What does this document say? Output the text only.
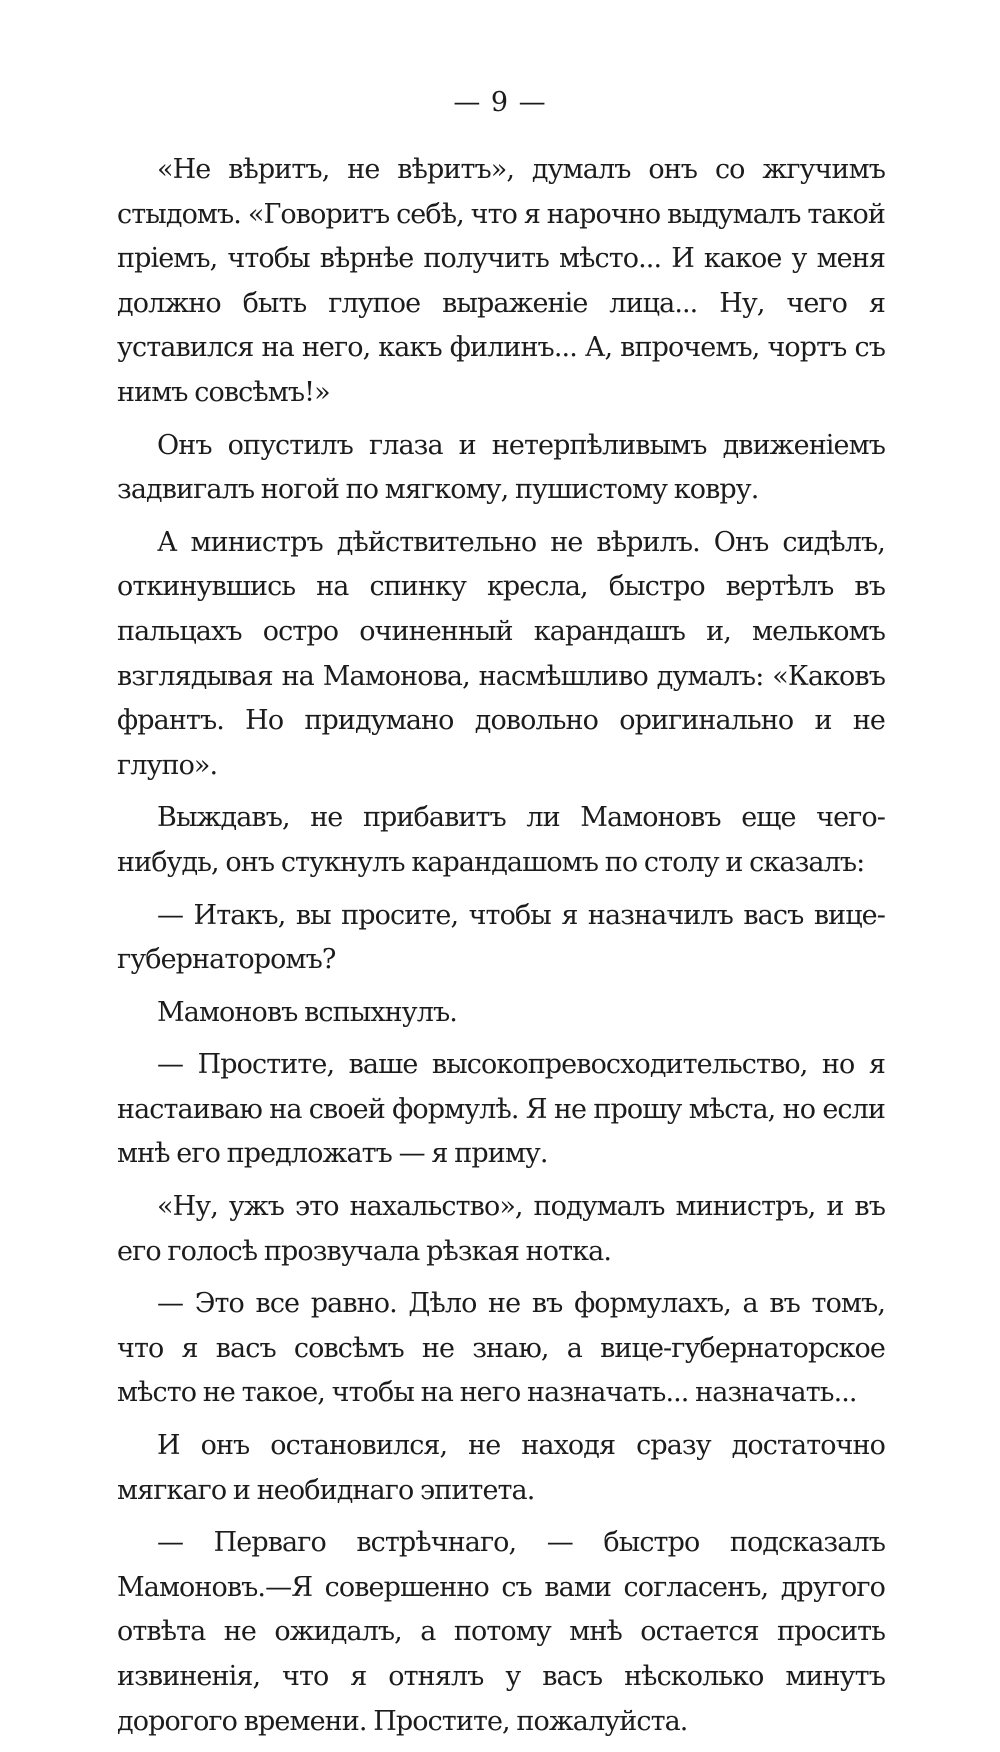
— 9 —

«Не вѣритъ, не вѣритъ», думалъ онъ со жгучимъ стыдомъ. «Говоритъ себѣ, что я нарочно выдумалъ такой пріемъ, чтобы вѣрнѣе получить мѣсто... И какое у меня должно быть глупое выраженіе лица... Ну, чего я уставился на него, какъ филинъ... А, впрочемъ, чортъ съ нимъ совсѣмъ!»

Онъ опустилъ глаза и нетерпѣливымъ движеніемъ задвигалъ ногой по мягкому, пушистому ковру.

А министръ дѣйствительно не вѣрилъ. Онъ сидѣлъ, откинувшись на спинку кресла, быстро вертѣлъ въ пальцахъ остро очиненный карандашъ и, мелькомъ взглядывая на Мамонова, насмѣшливо думалъ: «Каковъ франтъ. Но придумано довольно оригинально и не глупо».

Выждавъ, не прибавитъ ли Мамоновъ еще чего-нибудь, онъ стукнулъ карандашомъ по столу и сказалъ:

— Итакъ, вы просите, чтобы я назначилъ васъ вице-губернаторомъ?

Мамоновъ вспыхнулъ.

— Простите, ваше высокопревосходительство, но я настаиваю на своей формулѣ. Я не прошу мѣста, но если мнѣ его предложатъ — я приму.

«Ну, ужъ это нахальство», подумалъ министръ, и въ его голосѣ прозвучала рѣзкая нотка.

— Это все равно. Дѣло не въ формулахъ, а въ томъ, что я васъ совсѣмъ не знаю, а вице-губернаторское мѣсто не такое, чтобы на него назначать... назначать...

И онъ остановился, не находя сразу достаточно мягкаго и необиднаго эпитета.

— Перваго встрѣчнаго, — быстро подсказалъ Мамоновъ.—Я совершенно съ вами согласенъ, другого отвѣта не ожидалъ, а потому мнѣ остается просить извиненія, что я отнялъ у васъ нѣсколько минутъ дорогого времени. Простите, пожалуйста.
